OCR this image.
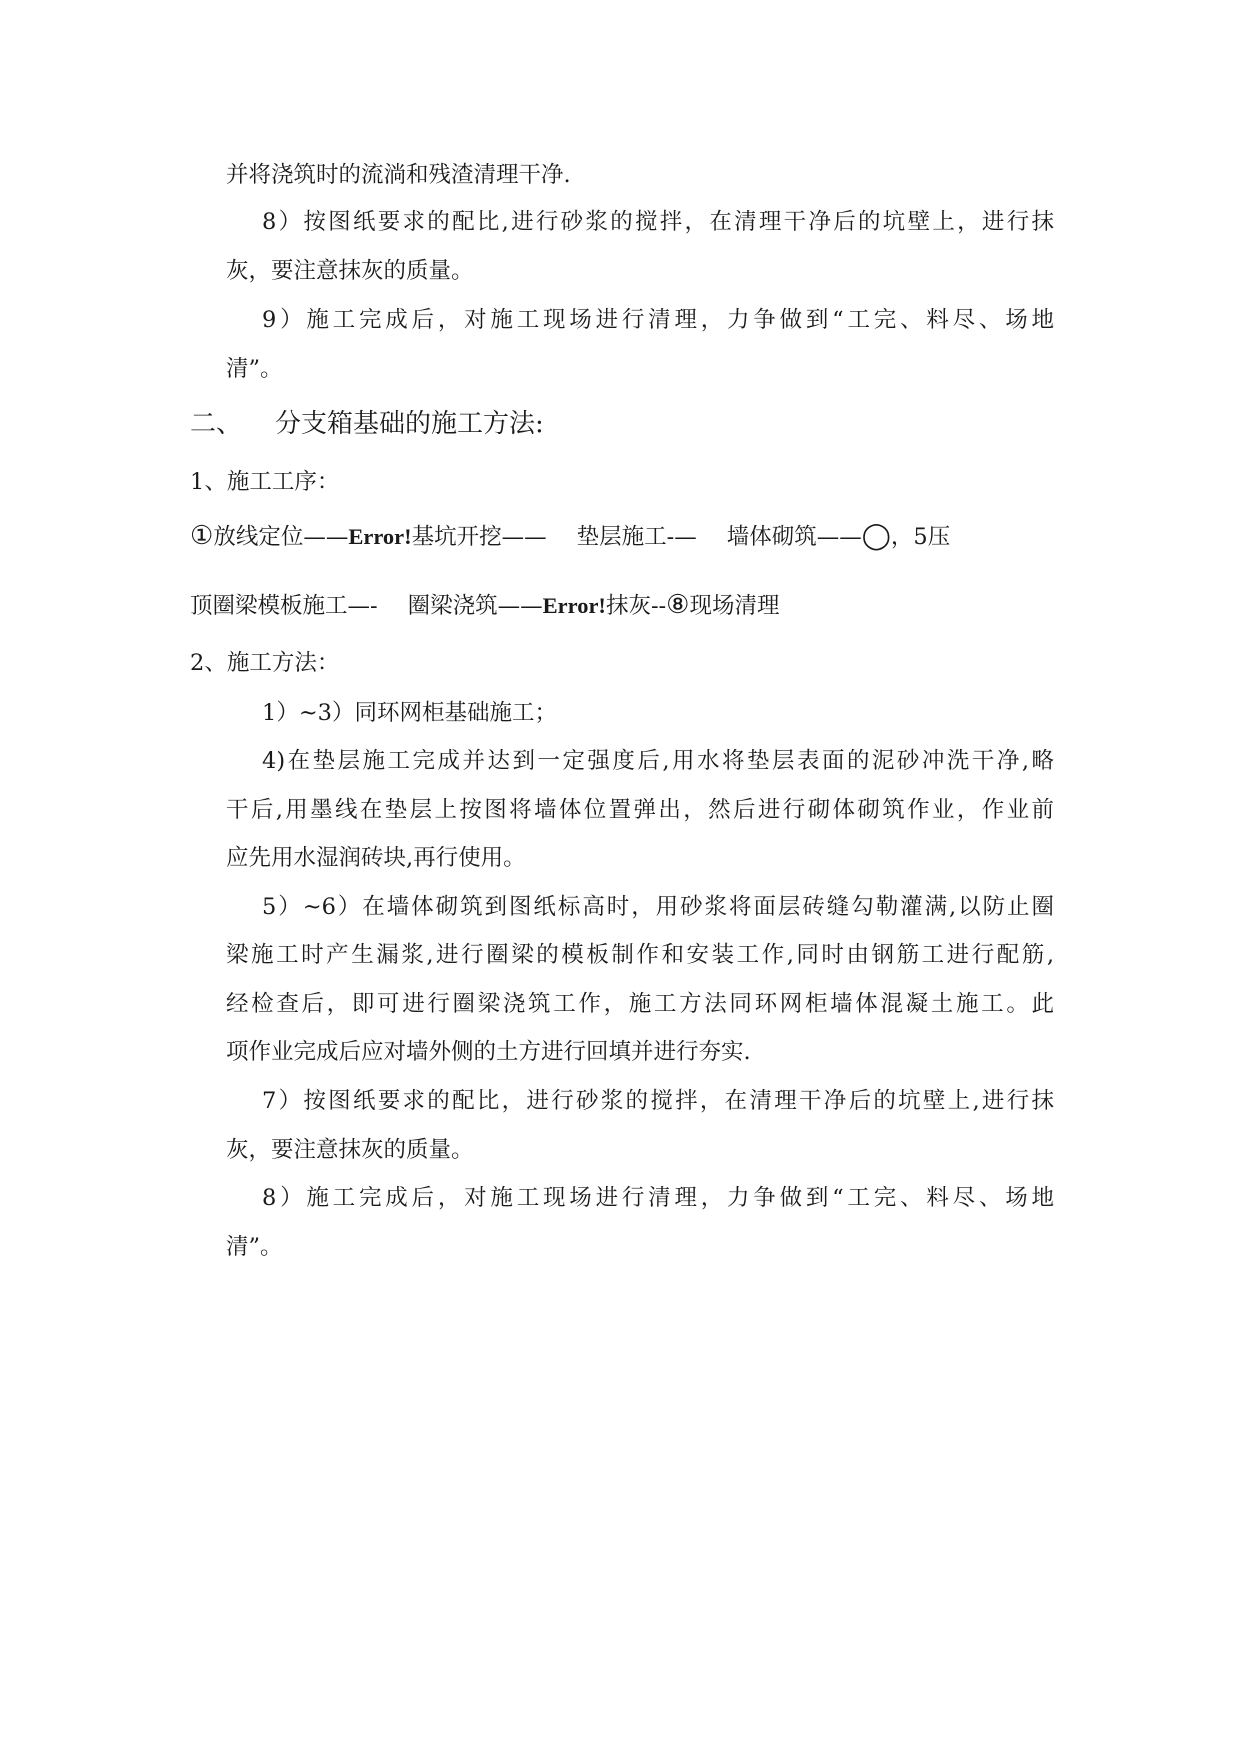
并将浇筑时的流淌和残渣清理干净.
8）按图纸要求的配比,进行砂浆的搅拌，在清理干净后的坑壁上，进行抹
灰，要注意抹灰的质量。
9）施工完成后，对施工现场进行清理，力争做到“工完、料尽、场地
清”。
二、 分支箱基础的施工方法:
1、施工工序：
①放线定位——Error!基坑开挖—— 垫层施工-— 墙体砌筑——◯，5压
顶圈梁模板施工—- 圈梁浇筑——Error!抹灰--⑧现场清理
2、施工方法：
1）~3）同环网柜基础施工；
4)在垫层施工完成并达到一定强度后,用水将垫层表面的泥砂冲洗干净,略
干后,用墨线在垫层上按图将墙体位置弹出，然后进行砌体砌筑作业，作业前
应先用水湿润砖块,再行使用。
5）~6）在墙体砌筑到图纸标高时，用砂浆将面层砖缝勾勒灌满,以防止圈
梁施工时产生漏浆,进行圈梁的模板制作和安装工作,同时由钢筋工进行配筋,
经检查后，即可进行圈梁浇筑工作，施工方法同环网柜墙体混凝土施工。此
项作业完成后应对墙外侧的土方进行回填并进行夯实.
7）按图纸要求的配比，进行砂浆的搅拌，在清理干净后的坑壁上,进行抹
灰，要注意抹灰的质量。
8）施工完成后，对施工现场进行清理，力争做到“工完、料尽、场地
清”。
